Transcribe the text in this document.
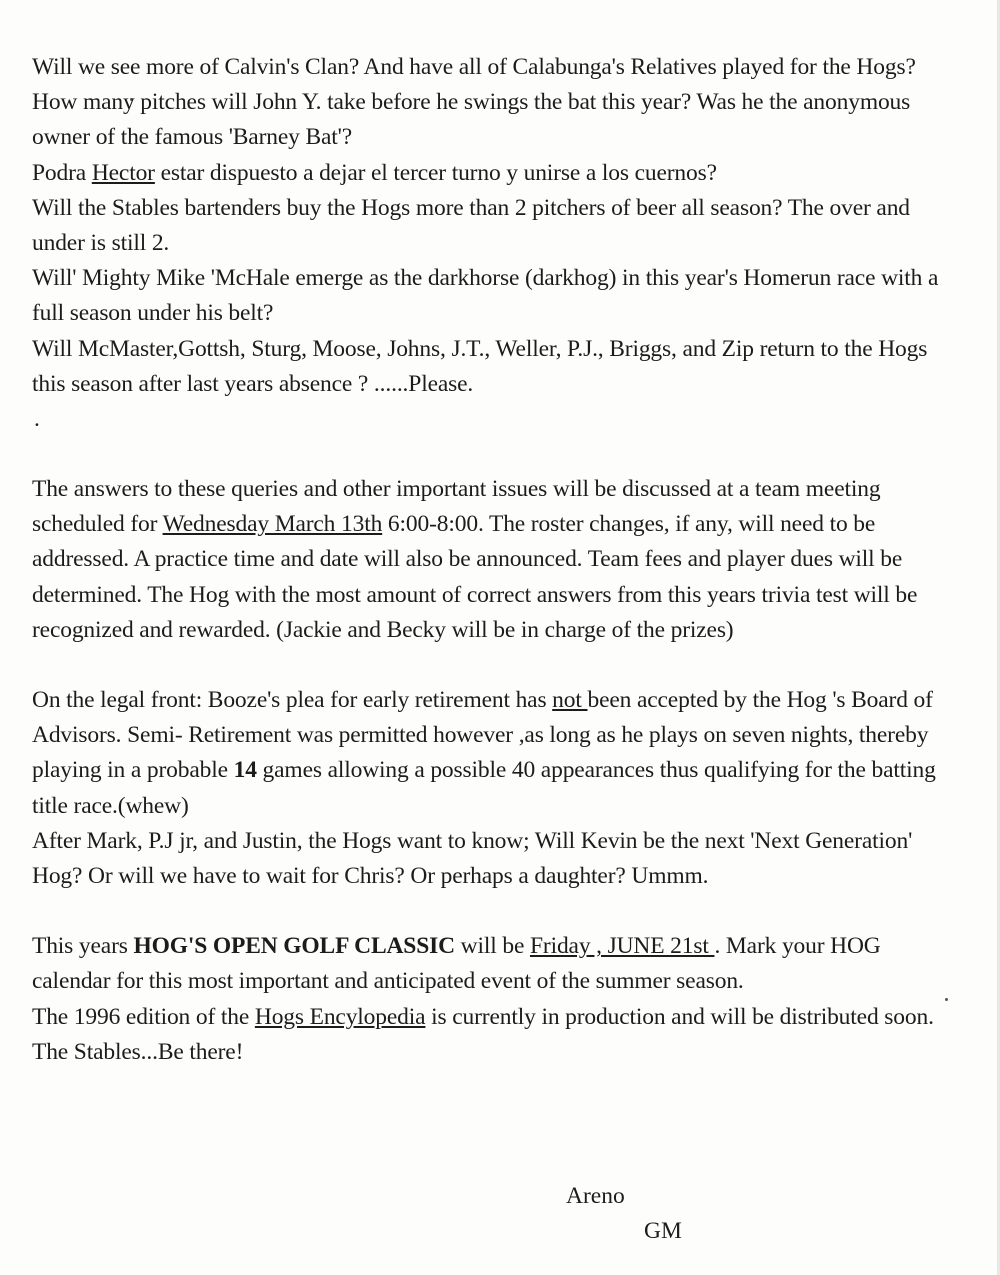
Will we see more of Calvin's Clan? And have all of Calabunga's Relatives played for the Hogs?

How many pitches will John Y. take before he swings the bat this year? Was he the anonymous owner of the famous 'Barney Bat'?

Podra Hector estar dispuesto a dejar el tercer turno y unirse a los cuernos?

Will the Stables bartenders buy the Hogs more than 2 pitchers of beer all season? The over and under is still 2.

Will' Mighty Mike 'McHale emerge as the darkhorse (darkhog) in this year's Homerun race with a full season under his belt?

Will McMaster,Gottsh, Sturg, Moose, Johns, J.T., Weller, P.J., Briggs, and Zip return to the Hogs this season after last years absence ? ......Please.

.

The answers to these queries and other important issues will be discussed at a team meeting scheduled for Wednesday March 13th 6:00-8:00. The roster changes, if any, will need to be addressed. A practice time and date will also be announced. Team fees and player dues will be determined. The Hog with the most amount of correct answers from this years trivia test will be recognized and rewarded. (Jackie and Becky will be in charge of the prizes)

On the legal front: Booze's plea for early retirement has not been accepted by the Hog 's Board of Advisors. Semi- Retirement was permitted however ,as long as he plays on seven nights, thereby playing in a probable 14 games allowing a possible 40 appearances thus qualifying for the batting title race.(whew)

After Mark, P.J jr, and Justin, the Hogs want to know; Will Kevin be the next 'Next Generation' Hog? Or will we have to wait for Chris? Or perhaps a daughter? Ummm.

This years HOG'S OPEN GOLF CLASSIC will be Friday , JUNE 21st . Mark your HOG calendar for this most important and anticipated event of the summer season.

The 1996 edition of the Hogs Encylopedia is currently in production and will be distributed soon.

The Stables...Be there!

Areno
GM
